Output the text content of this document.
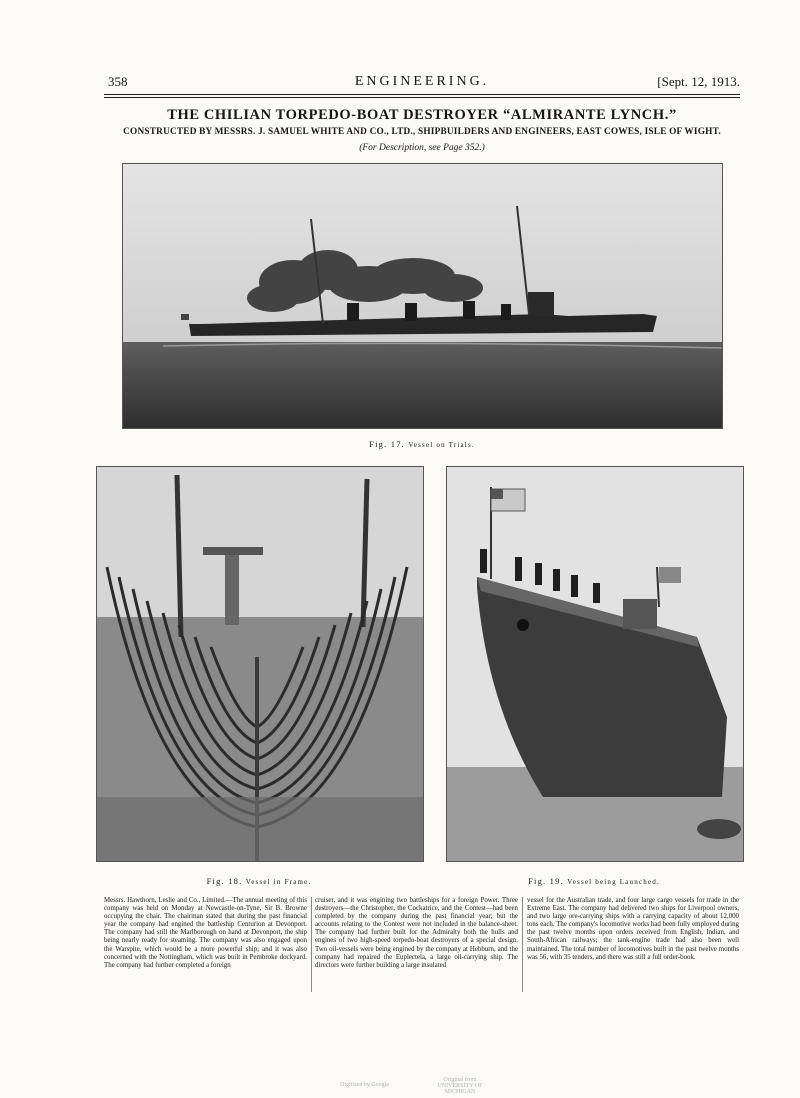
358	ENGINEERING.	[Sept. 12, 1913.
THE CHILIAN TORPEDO-BOAT DESTROYER “ALMIRANTE LYNCH.”
CONSTRUCTED BY MESSRS. J. SAMUEL WHITE AND CO., LTD., SHIPBUILDERS AND ENGINEERS, EAST COWES, ISLE OF WIGHT.
(For Description, see Page 352.)
Fig. 17. Vessel on Trials.
Fig. 18. Vessel in Frame.	Fig. 19. Vessel being Launched.

Messrs. Hawthorn, Leslie and Co., Limited.—The annual meeting of this company was held on Monday at Newcastle-on-Tyne, Sir B. Browne occupying the chair. The chairman stated that during the past financial year the company had engined the battleship Centurion at Devonport. The company had still the Marlborough on hand at Devonport, the ship being nearly ready for steaming. The company was also engaged upon the Warspite, which would be a more powerful ship; and it was also concerned with the Nottingham, which was built in Pembroke dockyard. The company had further completed a foreign

cruiser, and it was engining two battleships for a foreign Power. Three destroyers—the Christopher, the Cockatrice, and the Contest—had been completed by the company during the past financial year; but the accounts relating to the Contest were not included in the balance-sheet. The company had further built for the Admiralty both the hulls and engines of two high-speed torpedo-boat destroyers of a special design. Two oil-vessels were being engined by the company at Hebburn, and the company had repaired the Euplectela, a large oil-carrying ship. The directors were further building a large insulated

vessel for the Australian trade, and four large cargo vessels for trade in the Extreme East. The company had delivered two ships for Liverpool owners, and two large ore-carrying ships with a carrying capacity of about 12,000 tons each. The company's locomotive works had been fully employed during the past twelve months upon orders received from English, Indian, and South-African railways; the tank-engine trade had also been well maintained. The total number of locomotives built in the past twelve months was 56, with 35 tenders, and there was still a full order-book.

Digitized by Google
Original from
UNIVERSITY OF MICHIGAN
